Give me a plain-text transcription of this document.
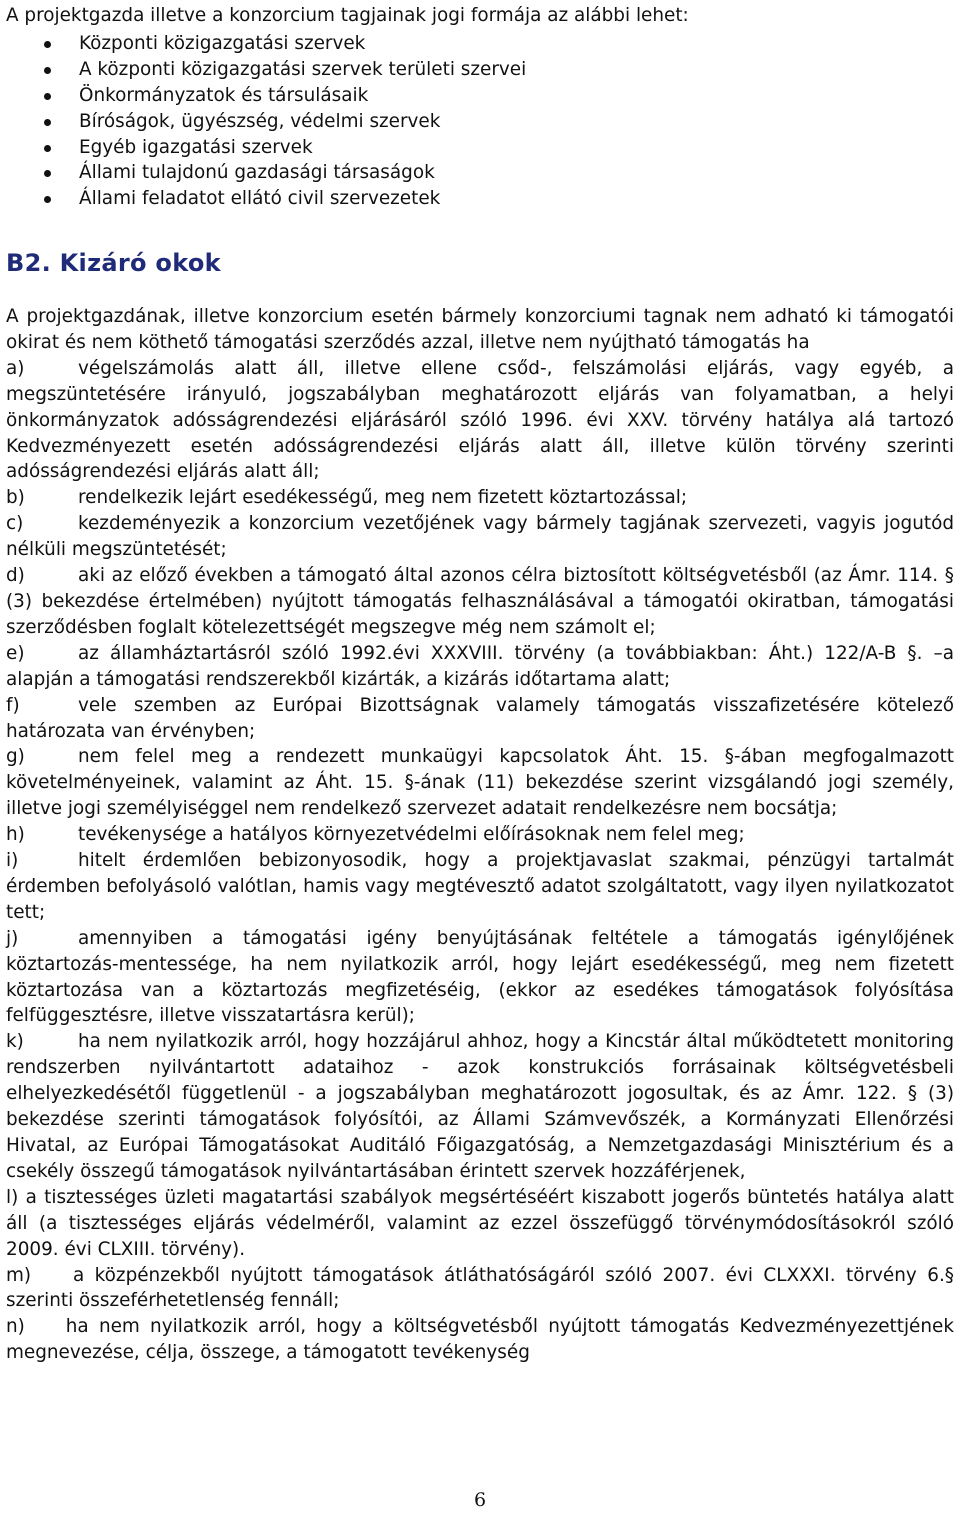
A projektgazda illetve a konzorcium tagjainak jogi formája az alábbi lehet:

Központi közigazgatási szervek
A központi közigazgatási szervek területi szervei
Önkormányzatok és társulásaik
Bíróságok, ügyészség, védelmi szervek
Egyéb igazgatási szervek
Állami tulajdonú gazdasági társaságok
Állami feladatot ellátó civil szervezetek
B2. Kizáró okok

A projektgazdának, illetve konzorcium esetén bármely konzorciumi tagnak nem adható ki támogatói okirat és nem köthető támogatási szerződés azzal, illetve nem nyújtható támogatás ha

a)	végelszámolás alatt áll, illetve ellene csőd-, felszámolási eljárás, vagy egyéb, a megszüntetésére irányuló, jogszabályban meghatározott eljárás van folyamatban, a helyi önkormányzatok adósságrendezési eljárásáról szóló 1996. évi XXV. törvény hatálya alá tartozó Kedvezményezett esetén adósságrendezési eljárás alatt áll, illetve külön törvény szerinti adósságrendezési eljárás alatt áll;

b)	rendelkezik lejárt esedékességű, meg nem fizetett köztartozással;

c)	kezdeményezik a konzorcium vezetőjének vagy bármely tagjának szervezeti, vagyis jogutód nélküli megszüntetését;

d)	aki az előző években a támogató által azonos célra biztosított költségvetésből (az Ámr. 114. § (3) bekezdése értelmében) nyújtott támogatás felhasználásával a támogatói okiratban, támogatási szerződésben foglalt kötelezettségét megszegve még nem számolt el;

e)	az államháztartásról szóló 1992.évi XXXVIII. törvény (a továbbiakban: Áht.) 122/A-B §. –a alapján a támogatási rendszerekből kizárták, a kizárás időtartama alatt;

f)	vele szemben az Európai Bizottságnak valamely támogatás visszafizetésére kötelező határozata van érvényben;

g)	nem felel meg a rendezett munkaügyi kapcsolatok Áht. 15. §-ában megfogalmazott követelményeinek, valamint az Áht. 15. §-ának (11) bekezdése szerint vizsgálandó jogi személy, illetve jogi személyiséggel nem rendelkező szervezet adatait rendelkezésre nem bocsátja;

h)	tevékenysége a hatályos környezetvédelmi előírásoknak nem felel meg;

i)	hitelt érdemlően bebizonyosodik, hogy a projektjavaslat szakmai, pénzügyi tartalmát érdemben befolyásoló valótlan, hamis vagy megtévesztő adatot szolgáltatott, vagy ilyen nyilatkozatot tett;

j)	amennyiben a támogatási igény benyújtásának feltétele a támogatás igénylőjének köztartozás-mentessége, ha nem nyilatkozik arról, hogy lejárt esedékességű, meg nem fizetett köztartozása van a köztartozás megfizetéséig, (ekkor az esedékes támogatások folyósítása felfüggesztésre, illetve visszatartásra kerül);

k)	ha nem nyilatkozik arról, hogy hozzájárul ahhoz, hogy a Kincstár által működtetett monitoring rendszerben nyilvántartott adataihoz - azok konstrukciós forrásainak költségvetésbeli elhelyezkedésétől függetlenül - a jogszabályban meghatározott jogosultak, és az Ámr. 122. § (3) bekezdése szerinti támogatások folyósítói, az Állami Számvevőszék, a Kormányzati Ellenőrzési Hivatal, az Európai Támogatásokat Auditáló Főigazgatóság, a Nemzetgazdasági Minisztérium és a csekély összegű támogatások nyilvántartásában érintett szervek hozzáférjenek,

l) a tisztességes üzleti magatartási szabályok megsértéséért kiszabott jogerős büntetés hatálya alatt áll (a tisztességes eljárás védelméről, valamint az ezzel összefüggő törvénymódosításokról szóló 2009. évi CLXIII. törvény).

m) a közpénzekből nyújtott támogatások átláthatóságáról szóló 2007. évi CLXXXI. törvény 6.§ szerinti összeférhetetlenség fennáll;

n) ha nem nyilatkozik arról, hogy a költségvetésből nyújtott támogatás Kedvezményezettjének megnevezése, célja, összege, a támogatott tevékenység

6
